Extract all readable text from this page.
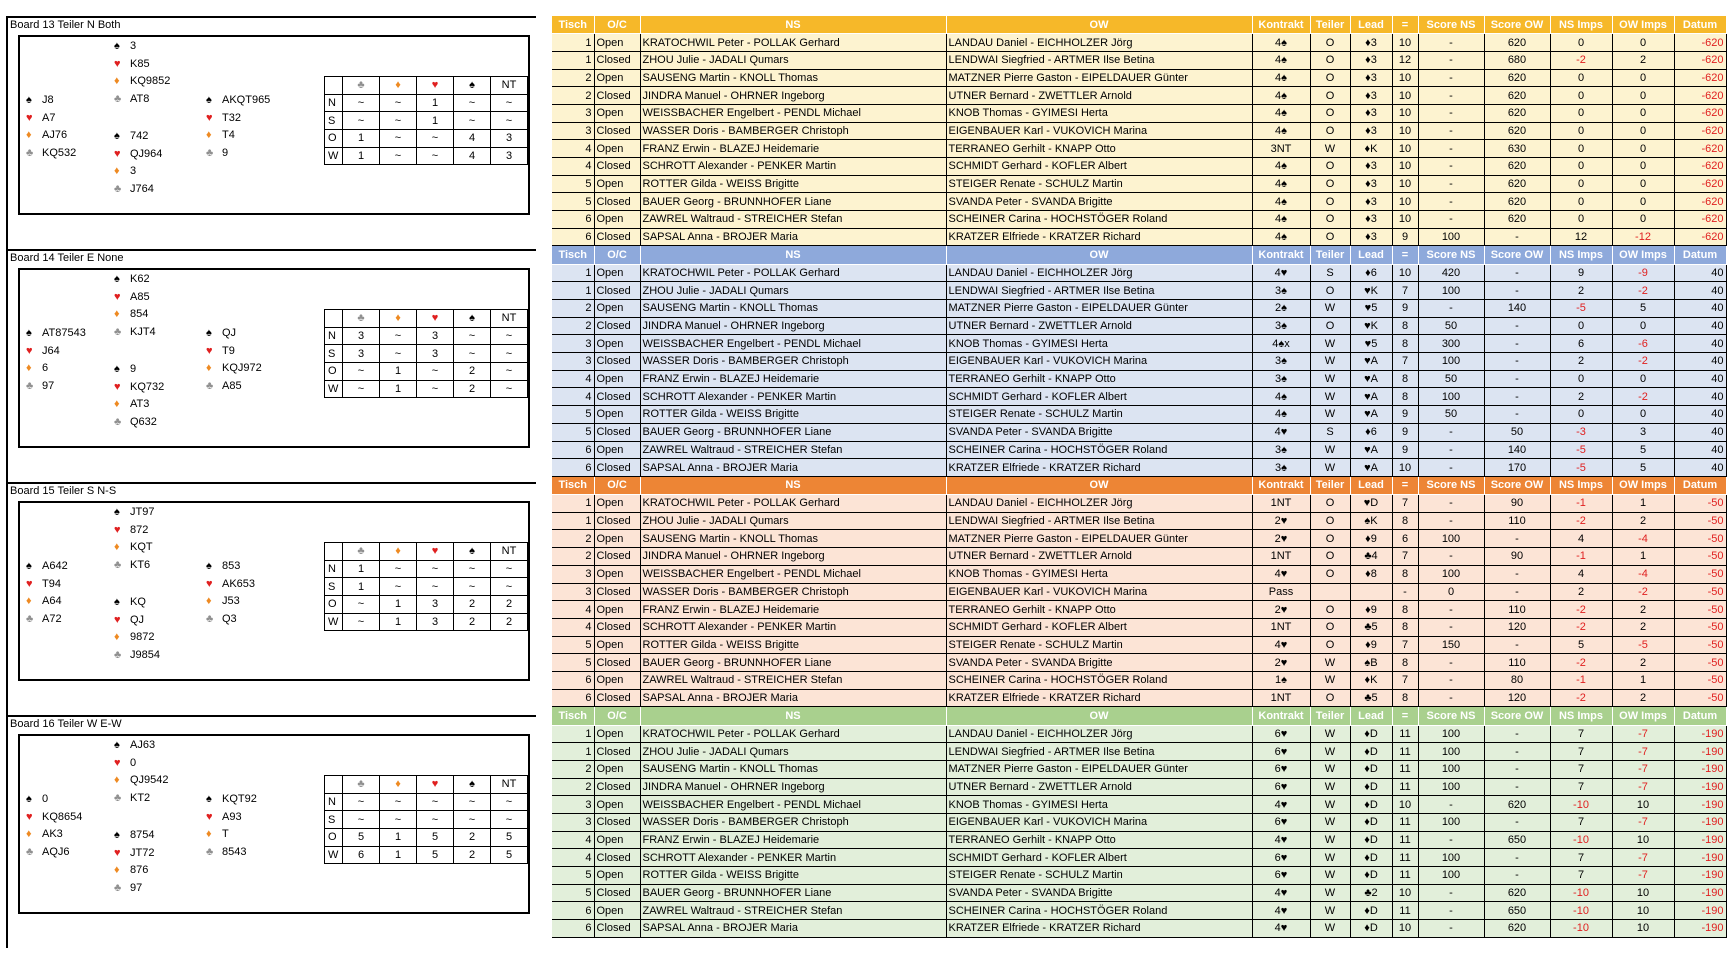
Board 13 Teiler N Both
♠ 3
♥ K85
♦ KQ9852
♣ AT8
♠ J8
♥ A7
♦ AJ76
♣ KQ532
♠ AKQT965
♥ T32
♦ T4
♣ 9
♠ 742
♥ QJ964
♦ 3
♣ J764
	♣	♦	♥	♠	NT
N	~	~	1	~	~
S	~	~	1	~	~
O	1	~	~	4	3
W	1	~	~	4	3
Board 14 Teiler E None
♠ K62
♥ A85
♦ 854
♣ KJT4
♠ AT87543
♥ J64
♦ 6
♣ 97
♠ QJ
♥ T9
♦ KQJ972
♣ A85
♠ 9
♥ KQ732
♦ AT3
♣ Q632
	♣	♦	♥	♠	NT
N	3	~	3	~	~
S	3	~	3	~	~
O	~	1	~	2	~
W	~	1	~	2	~
Board 15 Teiler S N-S
♠ JT97
♥ 872
♦ KQT
♣ KT6
♠ A642
♥ T94
♦ A64
♣ A72
♠ 853
♥ AK653
♦ J53
♣ Q3
♠ KQ
♥ QJ
♦ 9872
♣ J9854
	♣	♦	♥	♠	NT
N	1	~	~	~	~
S	1	~	~	~	~
O	~	1	3	2	2
W	~	1	3	2	2
Board 16 Teiler W E-W
♠ AJ63
♥ 0
♦ QJ9542
♣ KT2
♠ 0
♥ KQ8654
♦ AK3
♣ AQJ6
♠ KQT92
♥ A93
♦ T
♣ 8543
♠ 8754
♥ JT72
♦ 876
♣ 97
	♣	♦	♥	♠	NT
N	~	~	~	~	~
S	~	~	~	~	~
O	5	1	5	2	5
W	6	1	5	2	5
Tisch	O/C	NS	OW	Kontrakt	Teiler	Lead	=	Score NS	Score OW	NS Imps	OW Imps	Datum
1	Open	KRATOCHWIL Peter - POLLAK Gerhard	LANDAU Daniel - EICHHOLZER Jörg	4♠	O	♦3	10	-	620	0	0	-620
1	Closed	ZHOU Julie - JADALI Qumars	LENDWAI Siegfried - ARTMER Ilse Betina	4♠	O	♦3	12	-	680	-2	2	-620
2	Open	SAUSENG Martin - KNOLL Thomas	MATZNER Pierre Gaston - EIPELDAUER Günter	4♠	O	♦3	10	-	620	0	0	-620
2	Closed	JINDRA Manuel - OHRNER Ingeborg	UTNER Bernard - ZWETTLER Arnold	4♠	O	♦3	10	-	620	0	0	-620
3	Open	WEISSBACHER Engelbert - PENDL Michael	KNOB Thomas - GYIMESI Herta	4♠	O	♦3	10	-	620	0	0	-620
3	Closed	WASSER Doris - BAMBERGER Christoph	EIGENBAUER Karl - VUKOVICH Marina	4♠	O	♦3	10	-	620	0	0	-620
4	Open	FRANZ Erwin - BLAZEJ Heidemarie	TERRANEO Gerhilt - KNAPP Otto	3NT	W	♦K	10	-	630	0	0	-620
4	Closed	SCHROTT Alexander - PENKER Martin	SCHMIDT Gerhard - KOFLER Albert	4♠	O	♦3	10	-	620	0	0	-620
5	Open	ROTTER Gilda - WEISS Brigitte	STEIGER Renate - SCHULZ Martin	4♠	O	♦3	10	-	620	0	0	-620
5	Closed	BAUER Georg - BRUNNHOFER Liane	SVANDA Peter - SVANDA Brigitte	4♠	O	♦3	10	-	620	0	0	-620
6	Open	ZAWREL Waltraud - STREICHER Stefan	SCHEINER Carina - HOCHSTÖGER Roland	4♠	O	♦3	10	-	620	0	0	-620
6	Closed	SAPSAL Anna - BROJER Maria	KRATZER Elfriede - KRATZER Richard	4♠	O	♦3	9	100	-	12	-12	-620
Tisch	O/C	NS	OW	Kontrakt	Teiler	Lead	=	Score NS	Score OW	NS Imps	OW Imps	Datum
1	Open	KRATOCHWIL Peter - POLLAK Gerhard	LANDAU Daniel - EICHHOLZER Jörg	4♥	S	♦6	10	420	-	9	-9	40
1	Closed	ZHOU Julie - JADALI Qumars	LENDWAI Siegfried - ARTMER Ilse Betina	3♠	O	♥K	7	100	-	2	-2	40
2	Open	SAUSENG Martin - KNOLL Thomas	MATZNER Pierre Gaston - EIPELDAUER Günter	2♠	W	♥5	9	-	140	-5	5	40
2	Closed	JINDRA Manuel - OHRNER Ingeborg	UTNER Bernard - ZWETTLER Arnold	3♠	O	♥K	8	50	-	0	0	40
3	Open	WEISSBACHER Engelbert - PENDL Michael	KNOB Thomas - GYIMESI Herta	4♠x	W	♥5	8	300	-	6	-6	40
3	Closed	WASSER Doris - BAMBERGER Christoph	EIGENBAUER Karl - VUKOVICH Marina	3♠	W	♥A	7	100	-	2	-2	40
4	Open	FRANZ Erwin - BLAZEJ Heidemarie	TERRANEO Gerhilt - KNAPP Otto	3♠	W	♥A	8	50	-	0	0	40
4	Closed	SCHROTT Alexander - PENKER Martin	SCHMIDT Gerhard - KOFLER Albert	4♠	W	♥A	8	100	-	2	-2	40
5	Open	ROTTER Gilda - WEISS Brigitte	STEIGER Renate - SCHULZ Martin	4♠	W	♥A	9	50	-	0	0	40
5	Closed	BAUER Georg - BRUNNHOFER Liane	SVANDA Peter - SVANDA Brigitte	4♥	S	♦6	9	-	50	-3	3	40
6	Open	ZAWREL Waltraud - STREICHER Stefan	SCHEINER Carina - HOCHSTÖGER Roland	3♠	W	♥A	9	-	140	-5	5	40
6	Closed	SAPSAL Anna - BROJER Maria	KRATZER Elfriede - KRATZER Richard	3♠	W	♥A	10	-	170	-5	5	40
Tisch	O/C	NS	OW	Kontrakt	Teiler	Lead	=	Score NS	Score OW	NS Imps	OW Imps	Datum
1	Open	KRATOCHWIL Peter - POLLAK Gerhard	LANDAU Daniel - EICHHOLZER Jörg	1NT	O	♥D	7	-	90	-1	1	-50
1	Closed	ZHOU Julie - JADALI Qumars	LENDWAI Siegfried - ARTMER Ilse Betina	2♥	O	♠K	8	-	110	-2	2	-50
2	Open	SAUSENG Martin - KNOLL Thomas	MATZNER Pierre Gaston - EIPELDAUER Günter	2♥	O	♦9	6	100	-	4	-4	-50
2	Closed	JINDRA Manuel - OHRNER Ingeborg	UTNER Bernard - ZWETTLER Arnold	1NT	O	♣4	7	-	90	-1	1	-50
3	Open	WEISSBACHER Engelbert - PENDL Michael	KNOB Thomas - GYIMESI Herta	4♥	O	♦8	8	100	-	4	-4	-50
3	Closed	WASSER Doris - BAMBERGER Christoph	EIGENBAUER Karl - VUKOVICH Marina	Pass			-	0	-	2	-2	-50
4	Open	FRANZ Erwin - BLAZEJ Heidemarie	TERRANEO Gerhilt - KNAPP Otto	2♥	O	♦9	8	-	110	-2	2	-50
4	Closed	SCHROTT Alexander - PENKER Martin	SCHMIDT Gerhard - KOFLER Albert	1NT	O	♣5	8	-	120	-2	2	-50
5	Open	ROTTER Gilda - WEISS Brigitte	STEIGER Renate - SCHULZ Martin	4♥	O	♦9	7	150	-	5	-5	-50
5	Closed	BAUER Georg - BRUNNHOFER Liane	SVANDA Peter - SVANDA Brigitte	2♥	W	♠B	8	-	110	-2	2	-50
6	Open	ZAWREL Waltraud - STREICHER Stefan	SCHEINER Carina - HOCHSTÖGER Roland	1♠	W	♦K	7	-	80	-1	1	-50
6	Closed	SAPSAL Anna - BROJER Maria	KRATZER Elfriede - KRATZER Richard	1NT	O	♣5	8	-	120	-2	2	-50
Tisch	O/C	NS	OW	Kontrakt	Teiler	Lead	=	Score NS	Score OW	NS Imps	OW Imps	Datum
1	Open	KRATOCHWIL Peter - POLLAK Gerhard	LANDAU Daniel - EICHHOLZER Jörg	6♥	W	♦D	11	100	-	7	-7	-190
1	Closed	ZHOU Julie - JADALI Qumars	LENDWAI Siegfried - ARTMER Ilse Betina	6♥	W	♦D	11	100	-	7	-7	-190
2	Open	SAUSENG Martin - KNOLL Thomas	MATZNER Pierre Gaston - EIPELDAUER Günter	6♥	W	♦D	11	100	-	7	-7	-190
2	Closed	JINDRA Manuel - OHRNER Ingeborg	UTNER Bernard - ZWETTLER Arnold	6♥	W	♦D	11	100	-	7	-7	-190
3	Open	WEISSBACHER Engelbert - PENDL Michael	KNOB Thomas - GYIMESI Herta	4♥	W	♦D	10	-	620	-10	10	-190
3	Closed	WASSER Doris - BAMBERGER Christoph	EIGENBAUER Karl - VUKOVICH Marina	6♥	W	♦D	11	100	-	7	-7	-190
4	Open	FRANZ Erwin - BLAZEJ Heidemarie	TERRANEO Gerhilt - KNAPP Otto	4♥	W	♦D	11	-	650	-10	10	-190
4	Closed	SCHROTT Alexander - PENKER Martin	SCHMIDT Gerhard - KOFLER Albert	6♥	W	♦D	11	100	-	7	-7	-190
5	Open	ROTTER Gilda - WEISS Brigitte	STEIGER Renate - SCHULZ Martin	6♥	W	♦D	11	100	-	7	-7	-190
5	Closed	BAUER Georg - BRUNNHOFER Liane	SVANDA Peter - SVANDA Brigitte	4♥	W	♣2	10	-	620	-10	10	-190
6	Open	ZAWREL Waltraud - STREICHER Stefan	SCHEINER Carina - HOCHSTÖGER Roland	4♥	W	♦D	11	-	650	-10	10	-190
6	Closed	SAPSAL Anna - BROJER Maria	KRATZER Elfriede - KRATZER Richard	4♥	W	♦D	10	-	620	-10	10	-190
